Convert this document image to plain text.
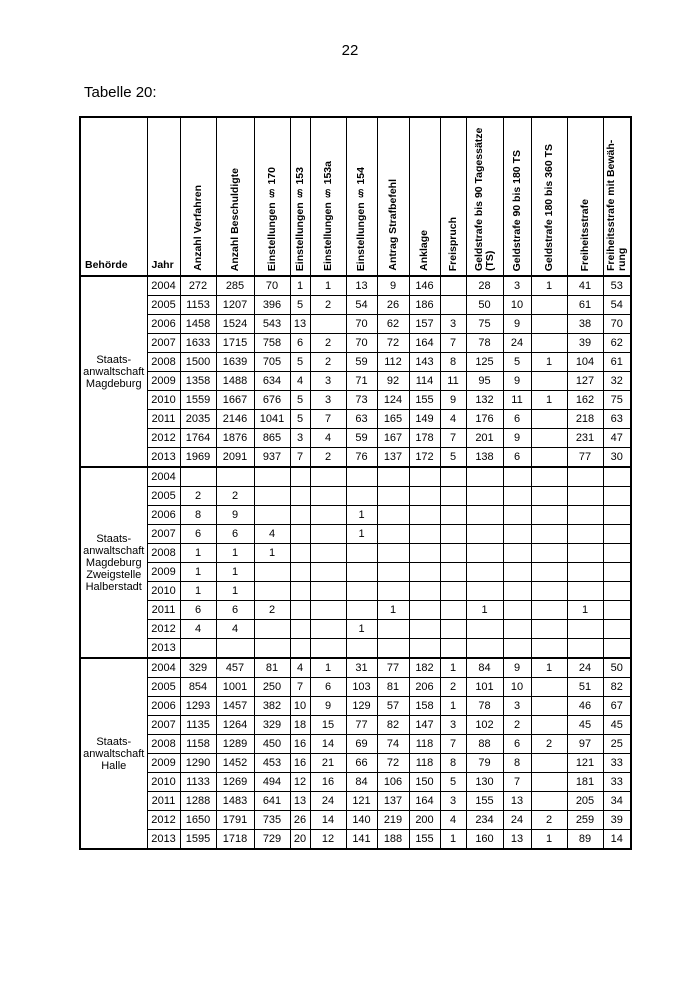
22
Tabelle 20:
Behörde	Jahr	Anzahl Verfahren	Anzahl Beschuldigte	Einstellungen § 170	Einstellungen § 153	Einstellungen § 153a	Einstellungen § 154	Antrag Strafbefehl	Anklage	Freispruch	Geldstrafe bis 90 Tagessätze (TS)	Geldstrafe 90 bis 180 TS	Geldstrafe 180 bis 360 TS	Freiheitsstrafe	Freiheitsstrafe mit Bewäh-rung

Staats-anwaltschaft Magdeburg	2004	272	285	70	1	1	13	9	146		28	3	1	41	53
	2005	1153	1207	396	5	2	54	26	186		50	10		61	54
	2006	1458	1524	543	13		70	62	157	3	75	9		38	70
	2007	1633	1715	758	6	2	70	72	164	7	78	24		39	62
	2008	1500	1639	705	5	2	59	112	143	8	125	5	1	104	61
	2009	1358	1488	634	4	3	71	92	114	11	95	9		127	32
	2010	1559	1667	676	5	3	73	124	155	9	132	11	1	162	75
	2011	2035	2146	1041	5	7	63	165	149	4	176	6		218	63
	2012	1764	1876	865	3	4	59	167	178	7	201	9		231	47
	2013	1969	2091	937	7	2	76	137	172	5	138	6		77	30
Staats-anwaltschaft Magdeburg Zweigstelle Halberstadt	2004														
	2005	2	2												
	2006	8	9				1								
	2007	6	6	4			1								
	2008	1	1	1											
	2009	1	1												
	2010	1	1												
	2011	6	6	2				1			1			1	
	2012	4	4				1								
	2013														
Staats-anwaltschaft Halle	2004	329	457	81	4	1	31	77	182	1	84	9	1	24	50
	2005	854	1001	250	7	6	103	81	206	2	101	10		51	82
	2006	1293	1457	382	10	9	129	57	158	1	78	3		46	67
	2007	1135	1264	329	18	15	77	82	147	3	102	2		45	45
	2008	1158	1289	450	16	14	69	74	118	7	88	6	2	97	25
	2009	1290	1452	453	16	21	66	72	118	8	79	8		121	33
	2010	1133	1269	494	12	16	84	106	150	5	130	7		181	33
	2011	1288	1483	641	13	24	121	137	164	3	155	13		205	34
	2012	1650	1791	735	26	14	140	219	200	4	234	24	2	259	39
	2013	1595	1718	729	20	12	141	188	155	1	160	13	1	89	14
